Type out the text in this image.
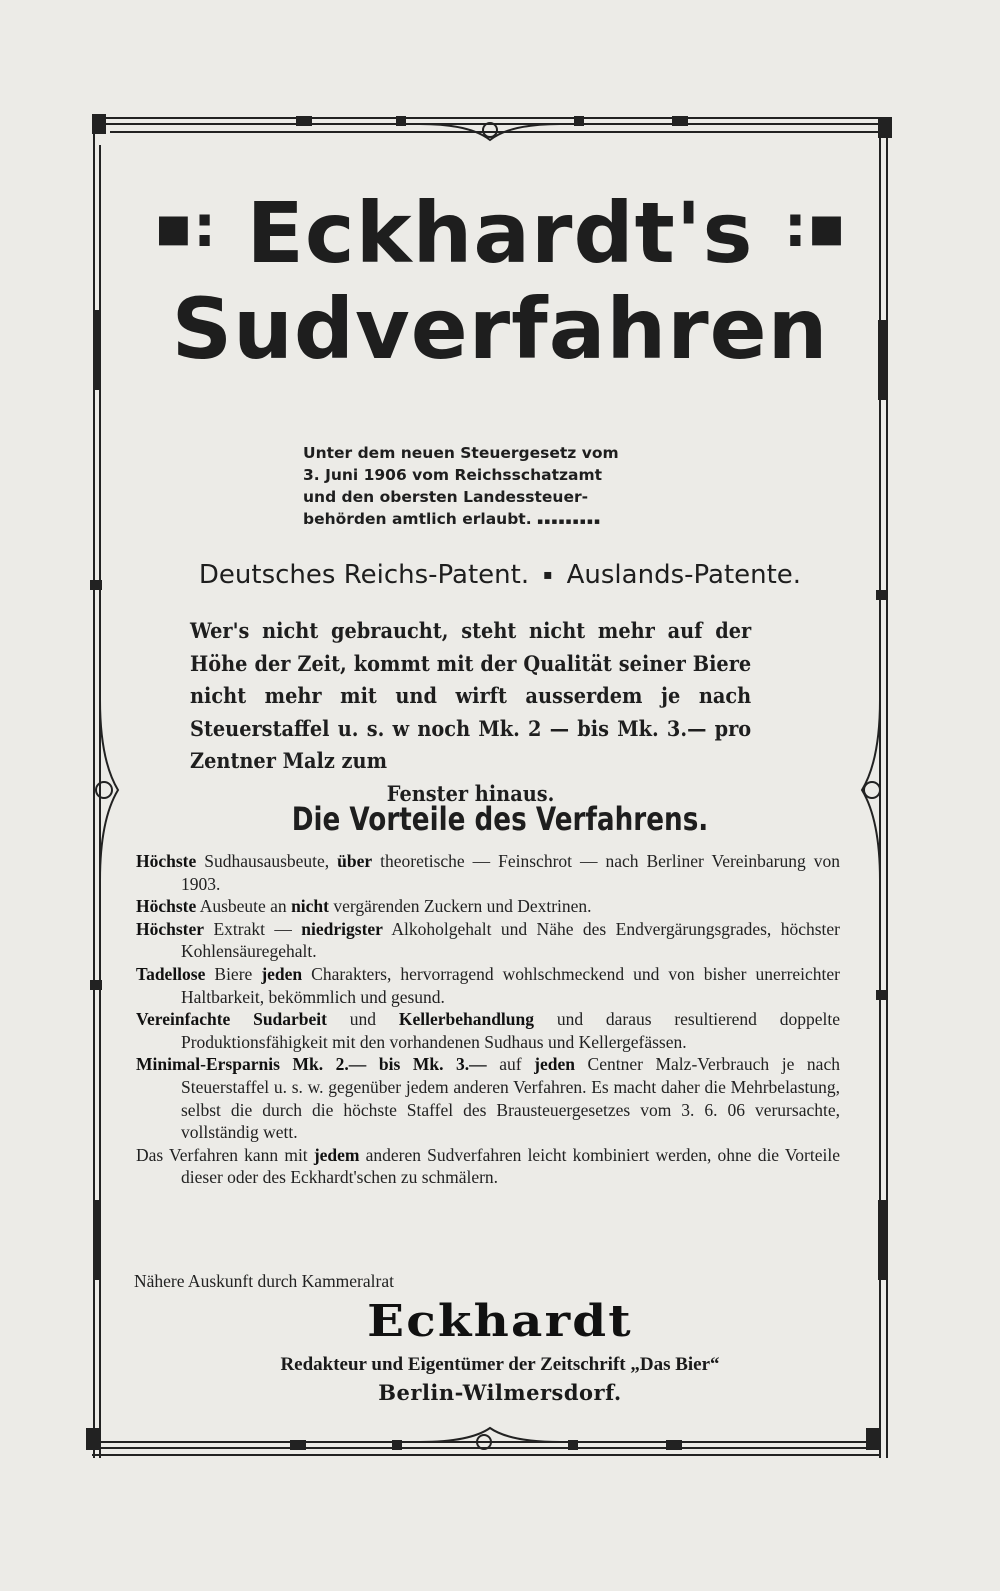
▪: Eckhardt's :▪
Sudverfahren
Unter dem neuen Steuergesetz vom
3. Juni 1906 vom Reichsschatzamt
und den obersten Landessteuer-
behörden amtlich erlaubt. ▪▪▪▪▪▪▪▪▪
Deutsches Reichs-Patent. ▪ Auslands-Patente.
Wer's nicht gebraucht, steht nicht mehr auf der Höhe der Zeit, kommt mit der Qualität seiner Biere nicht mehr mit und wirft ausserdem je nach Steuerstaffel u. s. w noch Mk. 2 — bis Mk. 3.— pro Zentner Malz zum
Fenster hinaus.
Die Vorteile des Verfahrens.

Höchste Sudhausausbeute, über theoretische — Feinschrot — nach Berliner Vereinbarung von 1903.

Höchste Ausbeute an nicht vergärenden Zuckern und Dextrinen.

Höchster Extrakt — niedrigster Alkoholgehalt und Nähe des Endvergärungsgrades, höchster Kohlensäuregehalt.

Tadellose Biere jeden Charakters, hervorragend wohlschmeckend und von bisher unerreichter Haltbarkeit, bekömmlich und gesund.

Vereinfachte Sudarbeit und Kellerbehandlung und daraus resultierend doppelte Produktionsfähigkeit mit den vorhandenen Sudhaus und Kellergefässen.

Minimal-Ersparnis Mk. 2.— bis Mk. 3.— auf jeden Centner Malz-Verbrauch je nach Steuerstaffel u. s. w. gegenüber jedem anderen Verfahren. Es macht daher die Mehrbelastung, selbst die durch die höchste Staffel des Brausteuergesetzes vom 3. 6. 06 verursachte, vollständig wett.

Das Verfahren kann mit jedem anderen Sudverfahren leicht kombiniert werden, ohne die Vorteile dieser oder des Eckhardt'schen zu schmälern.

Nähere Auskunft durch Kammeralrat
Eckhardt
Redakteur und Eigentümer der Zeitschrift „Das Bier“
Berlin-Wilmersdorf.
